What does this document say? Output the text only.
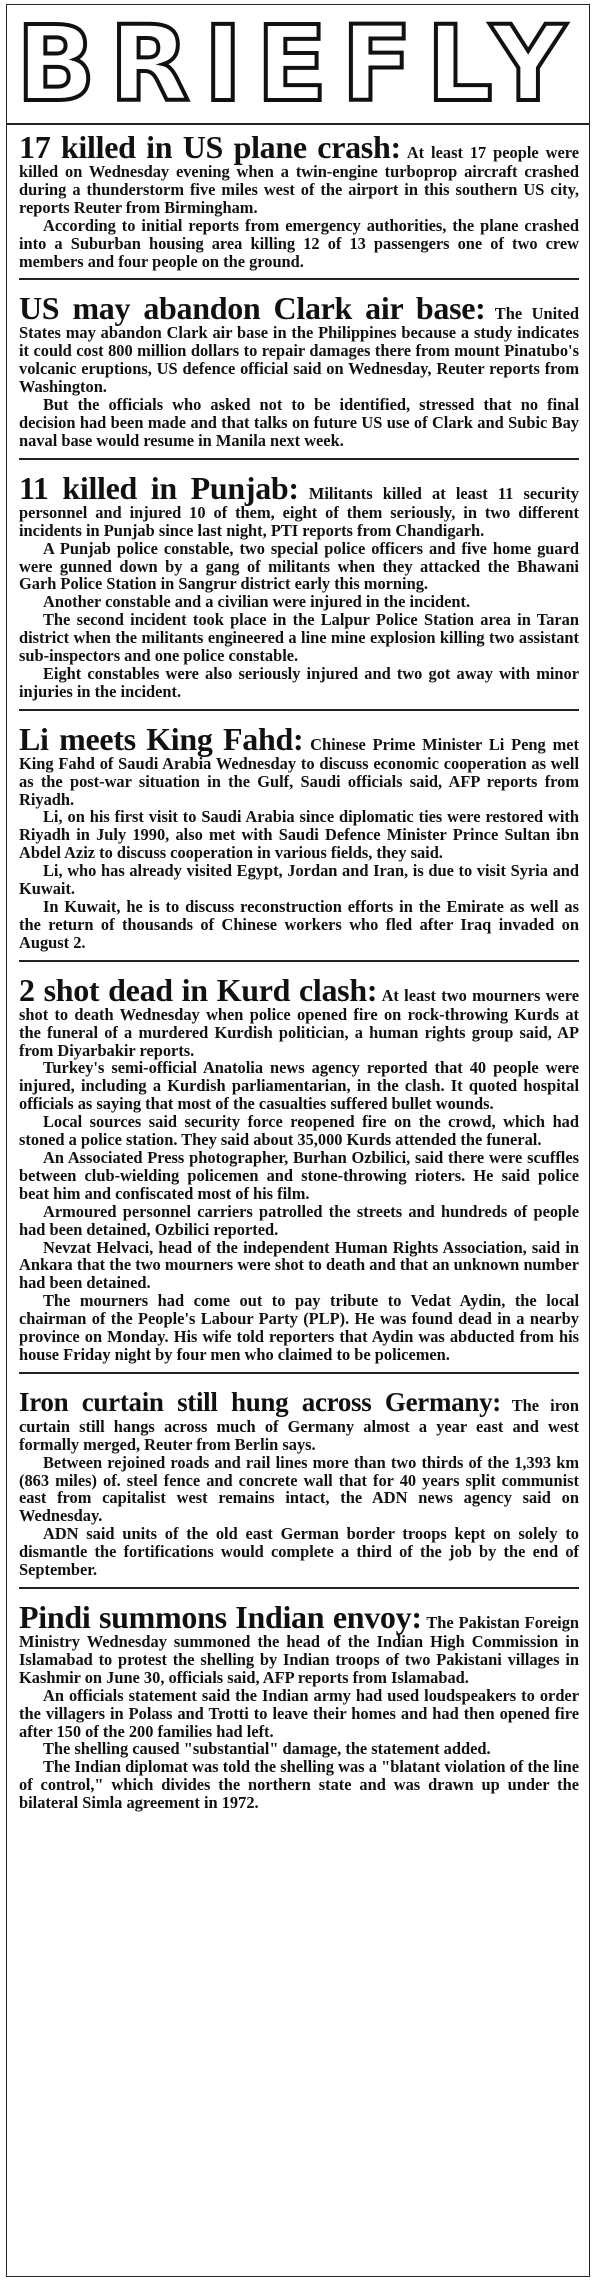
BRIEFLY

17 killed in US plane crash: At least 17 people were killed on Wednesday evening when a twin-engine turboprop aircraft crashed during a thunderstorm five miles west of the airport in this southern US city, reports Reuter from Birmingham.

According to initial reports from emergency authorities, the plane crashed into a Suburban housing area killing 12 of 13 passengers one of two crew members and four people on the ground.

US may abandon Clark air base: The United States may abandon Clark air base in the Philippines because a study indicates it could cost 800 million dollars to repair damages there from mount Pinatubo's volcanic eruptions, US defence official said on Wednesday, Reuter reports from Washington.

But the officials who asked not to be identified, stressed that no final decision had been made and that talks on future US use of Clark and Subic Bay naval base would resume in Manila next week.

11 killed in Punjab: Militants killed at least 11 security personnel and injured 10 of them, eight of them seriously, in two different incidents in Punjab since last night, PTI reports from Chandigarh.

A Punjab police constable, two special police officers and five home guard were gunned down by a gang of militants when they attacked the Bhawani Garh Police Station in Sangrur district early this morning.

Another constable and a civilian were injured in the incident.

The second incident took place in the Lalpur Police Station area in Taran district when the militants engineered a line mine explosion killing two assistant sub-inspectors and one police constable.

Eight constables were also seriously injured and two got away with minor injuries in the incident.

Li meets King Fahd: Chinese Prime Minister Li Peng met King Fahd of Saudi Arabia Wednesday to discuss economic cooperation as well as the post-war situation in the Gulf, Saudi officials said, AFP reports from Riyadh.

Li, on his first visit to Saudi Arabia since diplomatic ties were restored with Riyadh in July 1990, also met with Saudi Defence Minister Prince Sultan ibn Abdel Aziz to discuss cooperation in various fields, they said.

Li, who has already visited Egypt, Jordan and Iran, is due to visit Syria and Kuwait.

In Kuwait, he is to discuss reconstruction efforts in the Emirate as well as the return of thousands of Chinese workers who fled after Iraq invaded on August 2.

2 shot dead in Kurd clash: At least two mourners were shot to death Wednesday when police opened fire on rock-throwing Kurds at the funeral of a murdered Kurdish politician, a human rights group said, AP from Diyarbakir reports.

Turkey's semi-official Anatolia news agency reported that 40 people were injured, including a Kurdish parliamentarian, in the clash. It quoted hospital officials as saying that most of the casualties suffered bullet wounds.

Local sources said security force reopened fire on the crowd, which had stoned a police station. They said about 35,000 Kurds attended the funeral.

An Associated Press photographer, Burhan Ozbilici, said there were scuffles between club-wielding policemen and stone-throwing rioters. He said police beat him and confiscated most of his film.

Armoured personnel carriers patrolled the streets and hundreds of people had been detained, Ozbilici reported.

Nevzat Helvaci, head of the independent Human Rights Association, said in Ankara that the two mourners were shot to death and that an unknown number had been detained.

The mourners had come out to pay tribute to Vedat Aydin, the local chairman of the People's Labour Party (PLP). He was found dead in a nearby province on Monday. His wife told reporters that Aydin was abducted from his house Friday night by four men who claimed to be policemen.

Iron curtain still hung across Germany: The iron curtain still hangs across much of Germany almost a year east and west formally merged, Reuter from Berlin says.

Between rejoined roads and rail lines more than two thirds of the 1,393 km (863 miles) of. steel fence and concrete wall that for 40 years split communist east from capitalist west remains intact, the ADN news agency said on Wednesday.

ADN said units of the old east German border troops kept on solely to dismantle the fortifications would complete a third of the job by the end of September.

Pindi summons Indian envoy: The Pakistan Foreign Ministry Wednesday summoned the head of the Indian High Commission in Islamabad to protest the shelling by Indian troops of two Pakistani villages in Kashmir on June 30, officials said, AFP reports from Islamabad.

An officials statement said the Indian army had used loudspeakers to order the villagers in Polass and Trotti to leave their homes and had then opened fire after 150 of the 200 families had left.

The shelling caused "substantial" damage, the statement added.

The Indian diplomat was told the shelling was a "blatant violation of the line of control," which divides the northern state and was drawn up under the bilateral Simla agreement in 1972.
